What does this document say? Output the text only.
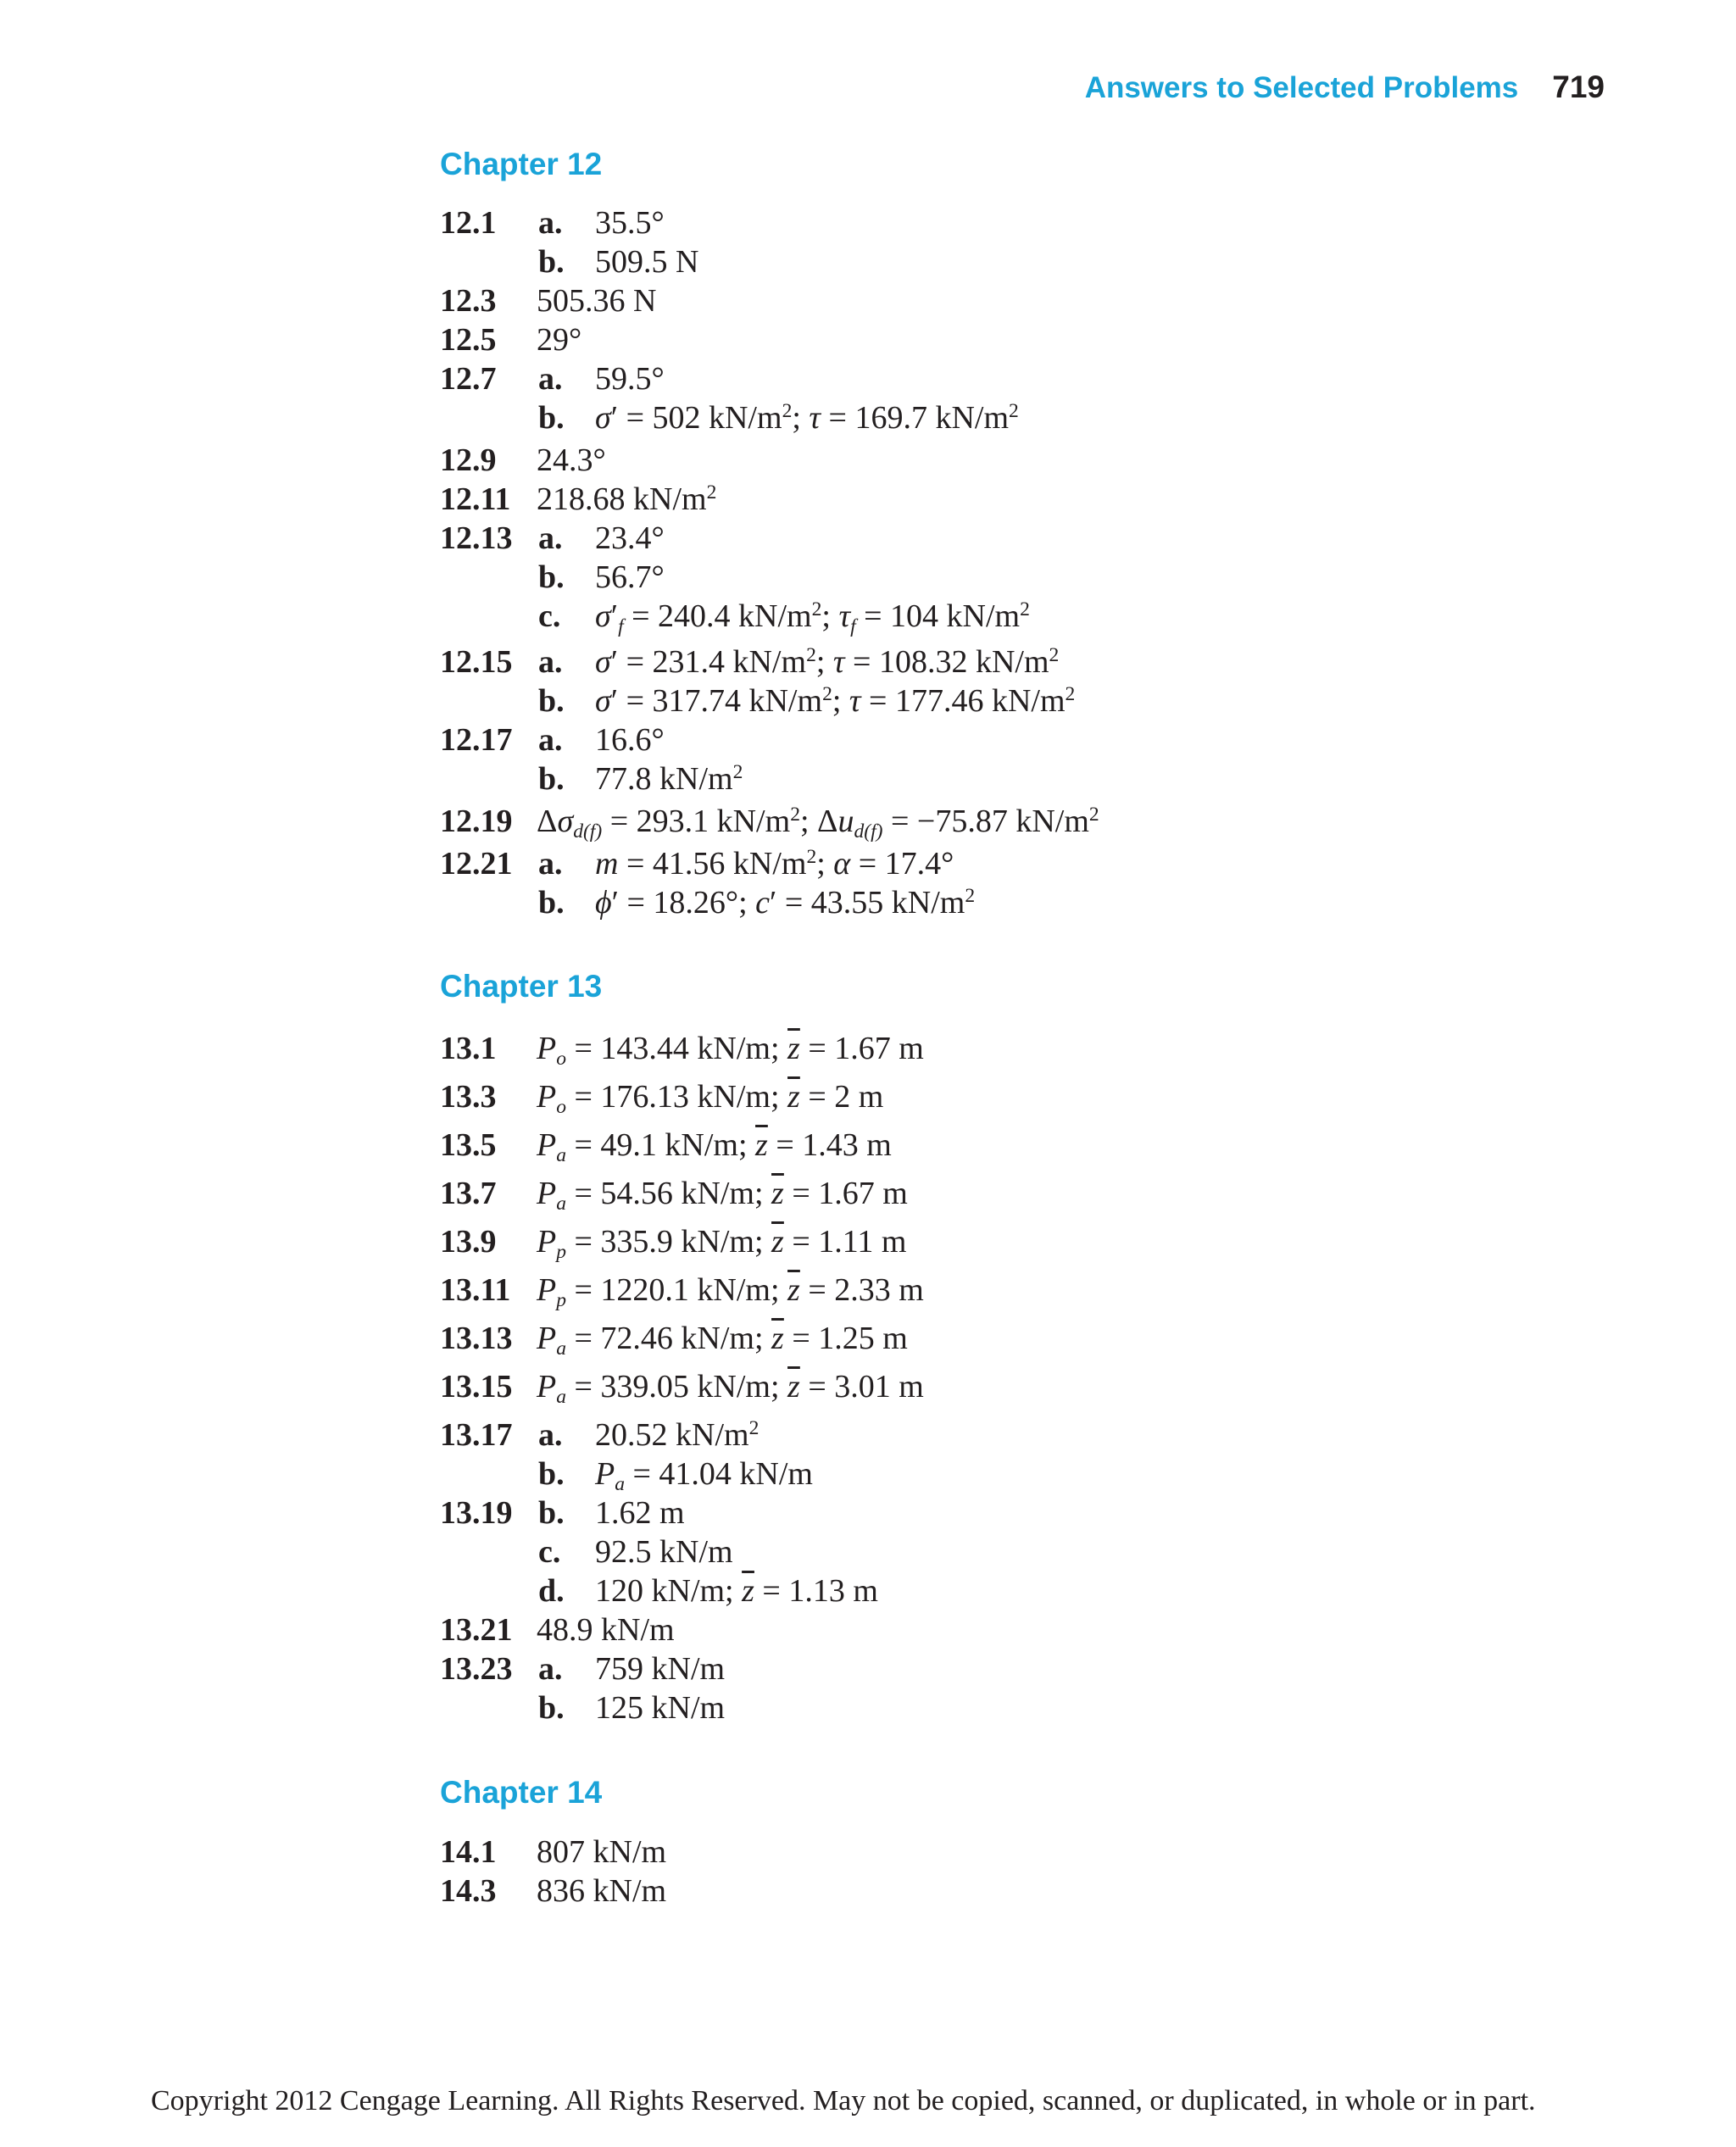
Answers to Selected Problems 719
Chapter 12
Chapter 13
Chapter 14
12.1 a. 35.5°
b. 509.5 N
12.3 505.36 N
12.5 29°
12.7 a. 59.5°
b. σ′ = 502 $kN/m^2$; τ = 169.7 $kN/m^2$
12.9 24.3°
12.11 218.68 $kN/m^2$
12.13 a. 23.4°
b. 56.7°
c. $\sigma'_f = 240.4$ $kN/m^2$; $\tau_f = 104$ $kN/m^2$
12.15 a. σ′ = 231.4 $kN/m^2$; τ = 108.32 $kN/m^2$
b. σ′ = 317.74 $kN/m^2$; τ = 177.46 $kN/m^2$
12.17 a. 16.6°
b. 77.8 $kN/m^2$
12.19 $\Delta\sigma_{d(f)} = 293.1$ $kN/m^2$; $\Delta u_{d(f)} = -75.87$ $kN/m^2$
12.21 a. m = 41.56 $kN/m^2$; α = 17.4°
b. ϕ′ = 18.26°; c′ = 43.55 $kN/m^2$
13.1 $P_o = 143.44$ kN/m; $\overline{z} = 1.67$ m
13.3 $P_o = 176.13$ kN/m; $\overline{z} = 2$ m
13.5 $P_a = 49.1$ kN/m; $\overline{z} = 1.43$ m
13.7 $P_a = 54.56$ kN/m; $\overline{z} = 1.67$ m
13.9 $P_p = 335.9$ kN/m; $\overline{z} = 1.11$ m
13.11 $P_p = 1220.1$ kN/m; $\overline{z} = 2.33$ m
13.13 $P_a = 72.46$ kN/m; $\overline{z} = 1.25$ m
13.15 $P_a = 339.05$ kN/m; $\overline{z} = 3.01$ m
13.17 a. 20.52 $kN/m^2$
b. $P_a = 41.04$ kN/m
13.19 b. 1.62 m
c. 92.5 kN/m
d. 120 kN/m; $\overline{z} = 1.13$ m
13.21 48.9 kN/m
13.23 a. 759 kN/m
b. 125 kN/m
14.1 807 kN/m
14.3 836 kN/m
Copyright 2012 Cengage Learning. All Rights Reserved. May not be copied, scanned, or duplicated, in whole or in part.
